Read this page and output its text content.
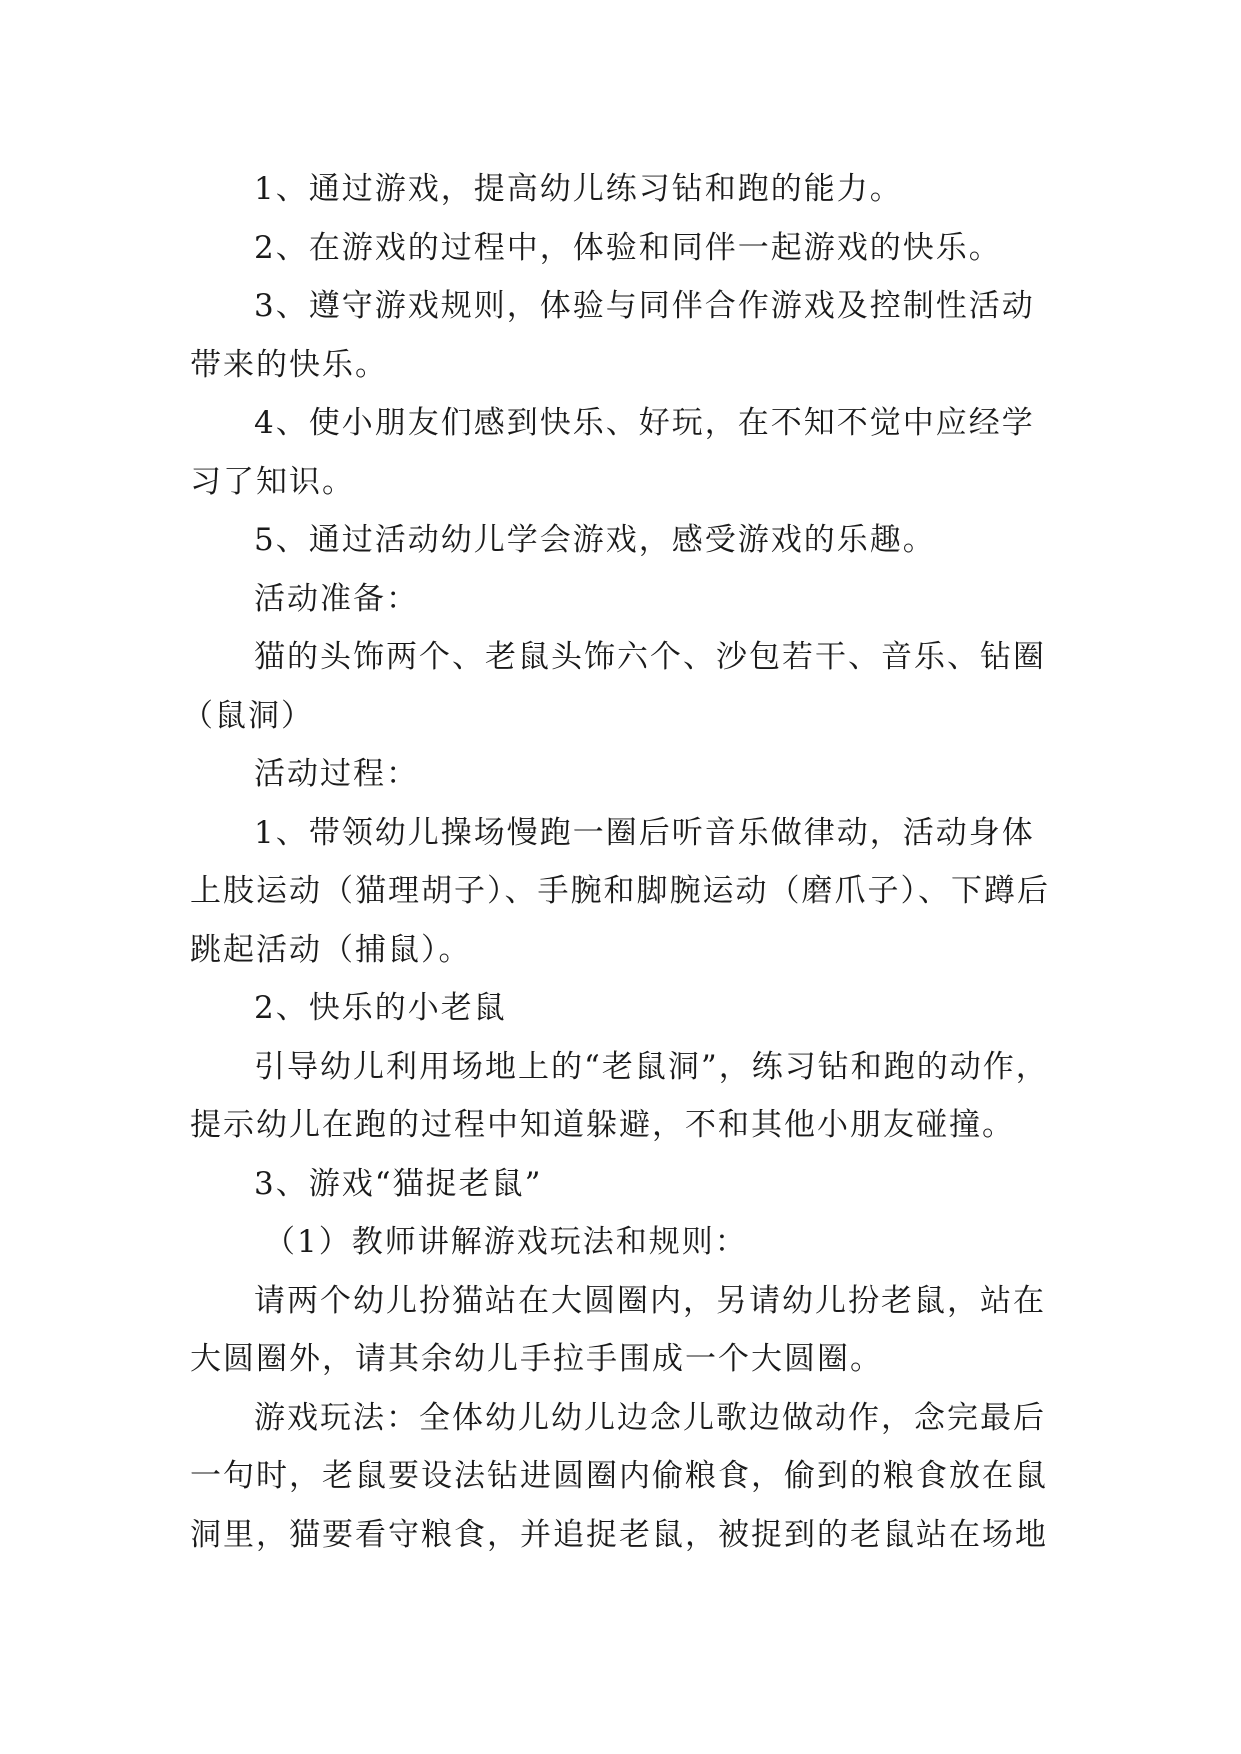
1、通过游戏，提高幼儿练习钻和跑的能力。
2、在游戏的过程中，体验和同伴一起游戏的快乐。
3、遵守游戏规则，体验与同伴合作游戏及控制性活动
带来的快乐。
4、使小朋友们感到快乐、好玩，在不知不觉中应经学
习了知识。
5、通过活动幼儿学会游戏，感受游戏的乐趣。
活动准备：
猫的头饰两个、老鼠头饰六个、沙包若干、音乐、钻圈
（鼠洞）
活动过程：
1、带领幼儿操场慢跑一圈后听音乐做律动，活动身体
上肢运动（猫理胡子）、手腕和脚腕运动（磨爪子）、下蹲后
跳起活动（捕鼠）。
2、快乐的小老鼠
引导幼儿利用场地上的“老鼠洞”，练习钻和跑的动作，
提示幼儿在跑的过程中知道躲避，不和其他小朋友碰撞。
3、游戏“猫捉老鼠”
（1）教师讲解游戏玩法和规则：
请两个幼儿扮猫站在大圆圈内，另请幼儿扮老鼠，站在
大圆圈外，请其余幼儿手拉手围成一个大圆圈。
游戏玩法：全体幼儿幼儿边念儿歌边做动作，念完最后
一句时，老鼠要设法钻进圆圈内偷粮食，偷到的粮食放在鼠
洞里，猫要看守粮食，并追捉老鼠，被捉到的老鼠站在场地
